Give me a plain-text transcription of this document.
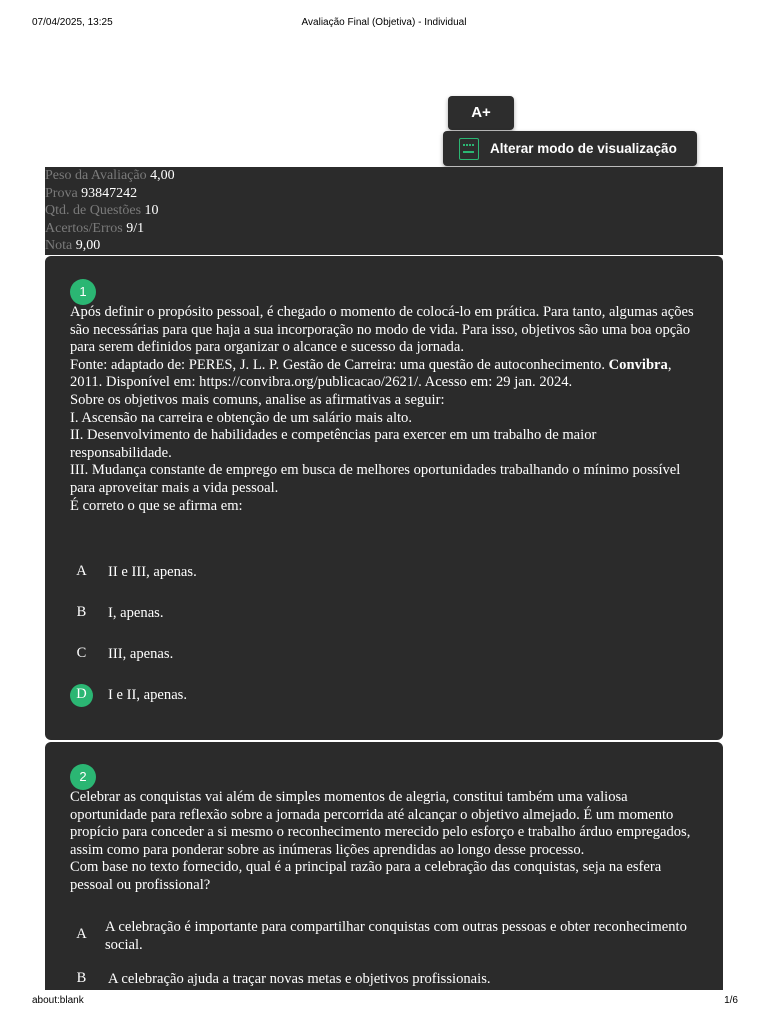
07/04/2025, 13:25	Avaliação Final (Objetiva) - Individual
A+
Alterar modo de visualização
Peso da Avaliação 4,00
Prova 93847242
Qtd. de Questões 10
Acertos/Erros 9/1
Nota 9,00
1

Após definir o propósito pessoal, é chegado o momento de colocá-lo em prática. Para tanto, algumas ações são necessárias para que haja a sua incorporação no modo de vida. Para isso, objetivos são uma boa opção para serem definidos para organizar o alcance e sucesso da jornada.

Fonte: adaptado de: PERES, J. L. P. Gestão de Carreira: uma questão de autoconhecimento. Convibra, 2011. Disponível em: https://convibra.org/publicacao/2621/. Acesso em: 29 jan. 2024.

Sobre os objetivos mais comuns, analise as afirmativas a seguir:

I. Ascensão na carreira e obtenção de um salário mais alto.

II. Desenvolvimento de habilidades e competências para exercer em um trabalho de maior responsabilidade.

III. Mudança constante de emprego em busca de melhores oportunidades trabalhando o mínimo possível para aproveitar mais a vida pessoal.

É correto o que se afirma em:

A	II e III, apenas.
B	I, apenas.
C	III, apenas.
D	I e II, apenas.
2

Celebrar as conquistas vai além de simples momentos de alegria, constitui também uma valiosa oportunidade para reflexão sobre a jornada percorrida até alcançar o objetivo almejado. É um momento propício para conceder a si mesmo o reconhecimento merecido pelo esforço e trabalho árduo empregados, assim como para ponderar sobre as inúmeras lições aprendidas ao longo desse processo.

Com base no texto fornecido, qual é a principal razão para a celebração das conquistas, seja na esfera pessoal ou profissional?

A	A celebração é importante para compartilhar conquistas com outras pessoas e obter reconhecimento social.
B	A celebração ajuda a traçar novas metas e objetivos profissionais.
about:blank	1/6
